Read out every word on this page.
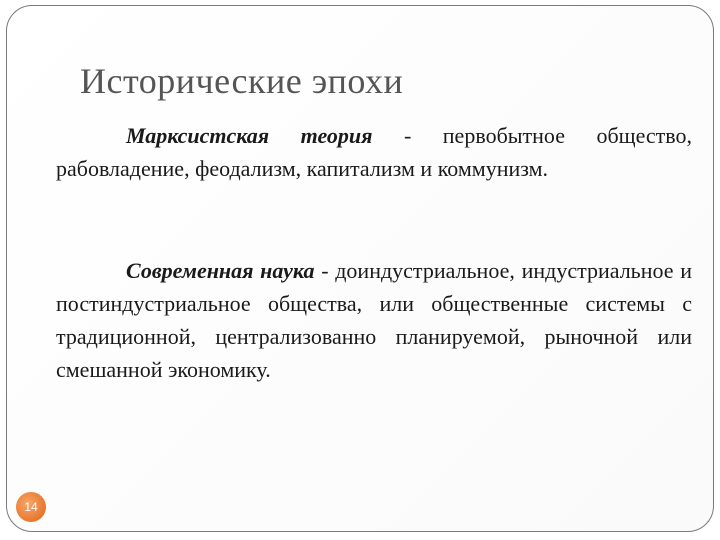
Исторические эпохи

Марксистская теория - первобытное общество, рабовладение, феодализм, капитализм и коммунизм.

Современная наука - доиндустриальное, индустриальное и постиндустриальное общества, или общественные системы с традиционной, централизованно планируемой, рыночной или смешанной экономику.

14
